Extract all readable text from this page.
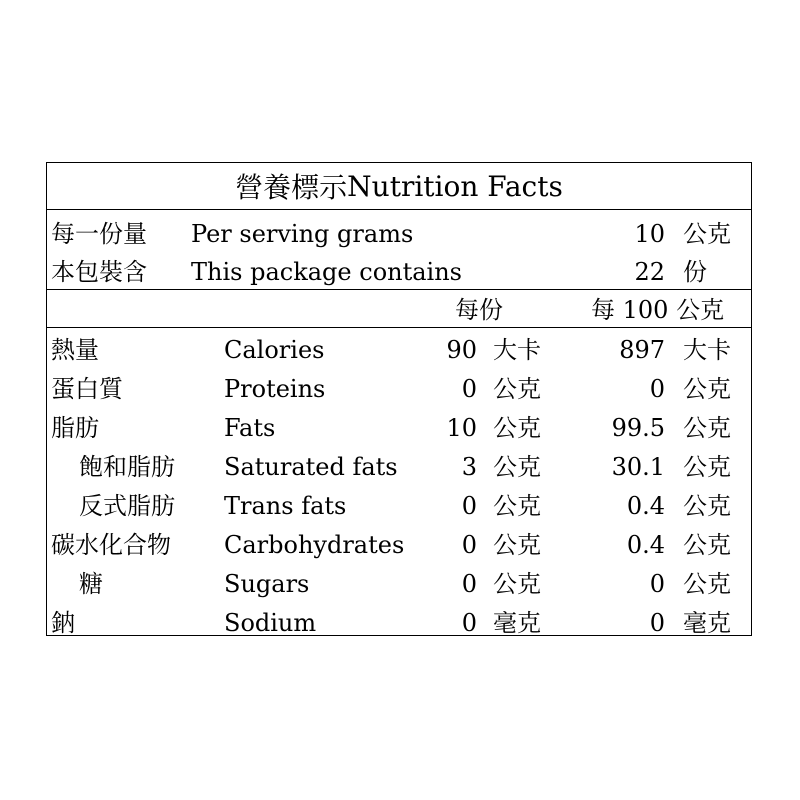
營養標示 Nutrition Facts
每一份量 Per serving grams	10 公克
本包裝含 This package contains	22 份
每份	每 100 公克
熱量	Calories	90 大卡	897 大卡
蛋白質	Proteins	0 公克	0 公克
脂肪	Fats	10 公克	99.5 公克
飽和脂肪 Saturated fats	3 公克	30.1 公克
反式脂肪 Trans fats	0 公克	0.4 公克
碳水化合物 Carbohydrates 0 公克	0.4 公克
糖	Sugars	0 公克	0 公克
鈉	Sodium	0 毫克	0 毫克
